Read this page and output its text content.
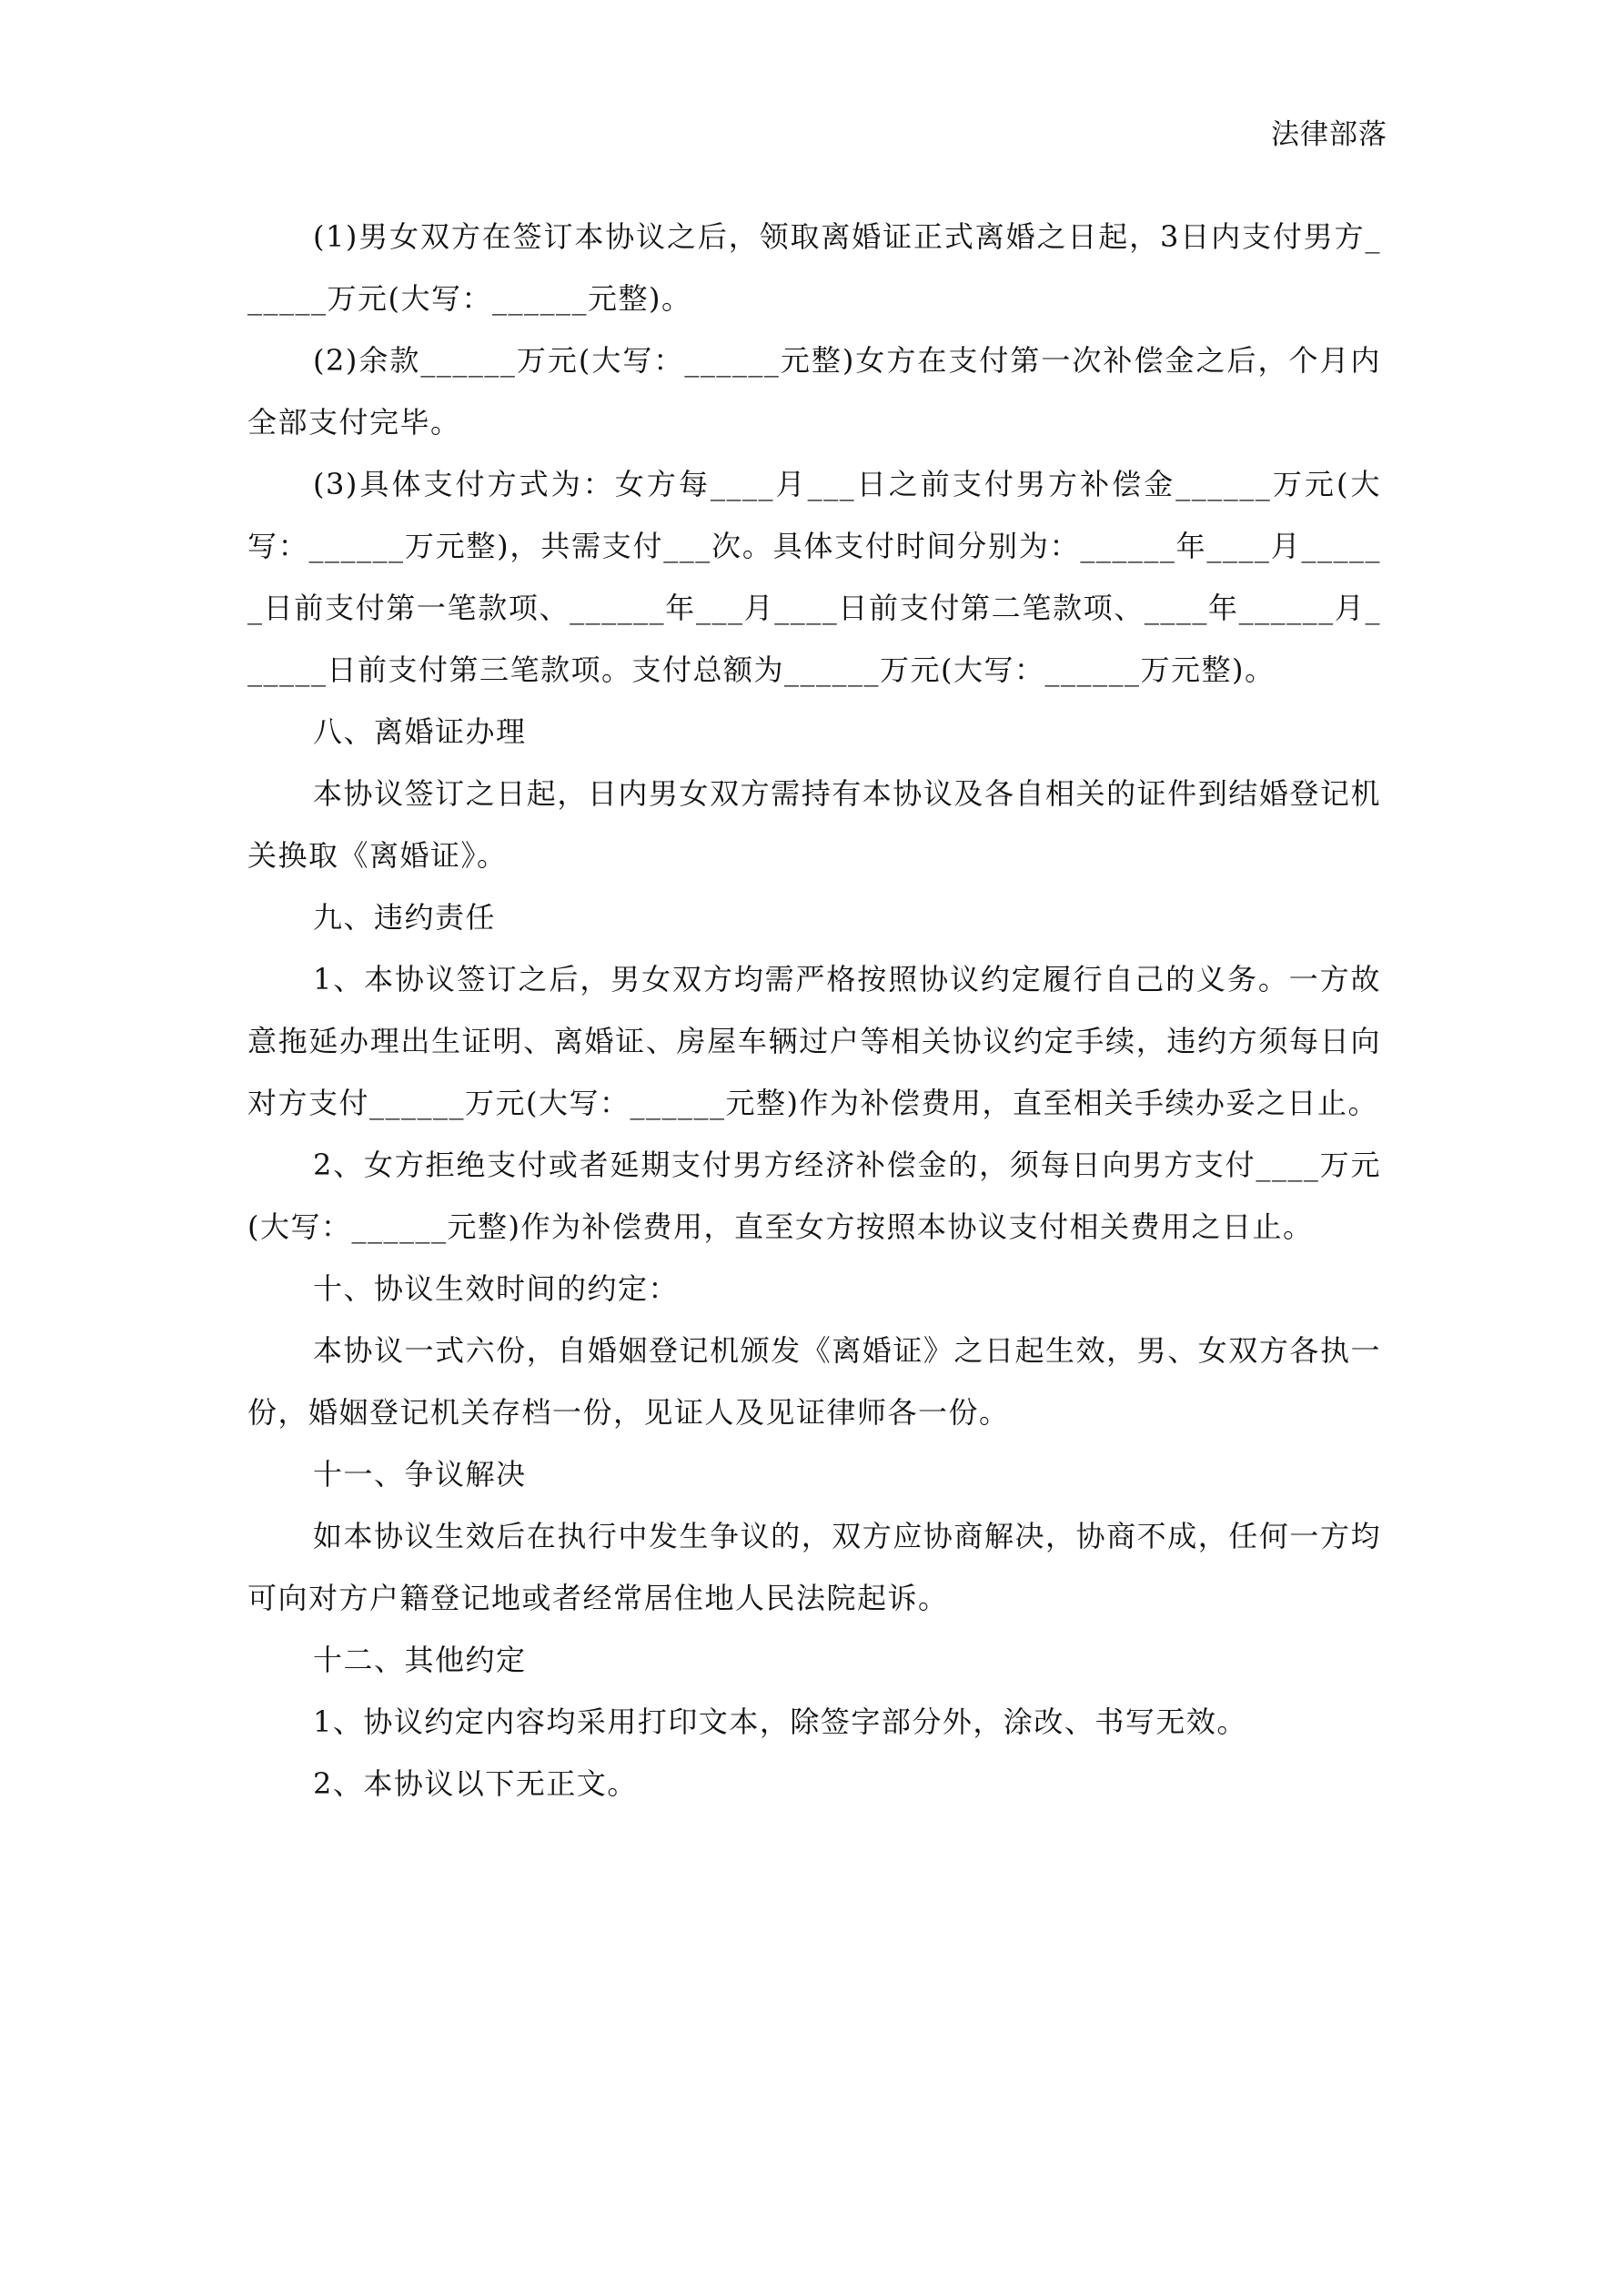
法律部落

(1)男女双方在签订本协议之后，领取离婚证正式离婚之日起，3日内支付男方______万元(大写：______元整)。

(2)余款______万元(大写：______元整)女方在支付第一次补偿金之后，个月内全部支付完毕。

(3)具体支付方式为：女方每____月___日之前支付男方补偿金______万元(大写：______万元整)，共需支付___次。具体支付时间分别为：______年____月______日前支付第一笔款项、______年___月____日前支付第二笔款项、____年______月______日前支付第三笔款项。支付总额为______万元(大写：______万元整)。

八、离婚证办理

本协议签订之日起，日内男女双方需持有本协议及各自相关的证件到结婚登记机关换取《离婚证》。

九、违约责任

1、本协议签订之后，男女双方均需严格按照协议约定履行自己的义务。一方故意拖延办理出生证明、离婚证、房屋车辆过户等相关协议约定手续，违约方须每日向对方支付______万元(大写：______元整)作为补偿费用，直至相关手续办妥之日止。

2、女方拒绝支付或者延期支付男方经济补偿金的，须每日向男方支付____万元(大写：______元整)作为补偿费用，直至女方按照本协议支付相关费用之日止。

十、协议生效时间的约定：

本协议一式六份，自婚姻登记机颁发《离婚证》之日起生效，男、女双方各执一份，婚姻登记机关存档一份，见证人及见证律师各一份。

十一、争议解决

如本协议生效后在执行中发生争议的，双方应协商解决，协商不成，任何一方均可向对方户籍登记地或者经常居住地人民法院起诉。

十二、其他约定

1、协议约定内容均采用打印文本，除签字部分外，涂改、书写无效。

2、本协议以下无正文。
